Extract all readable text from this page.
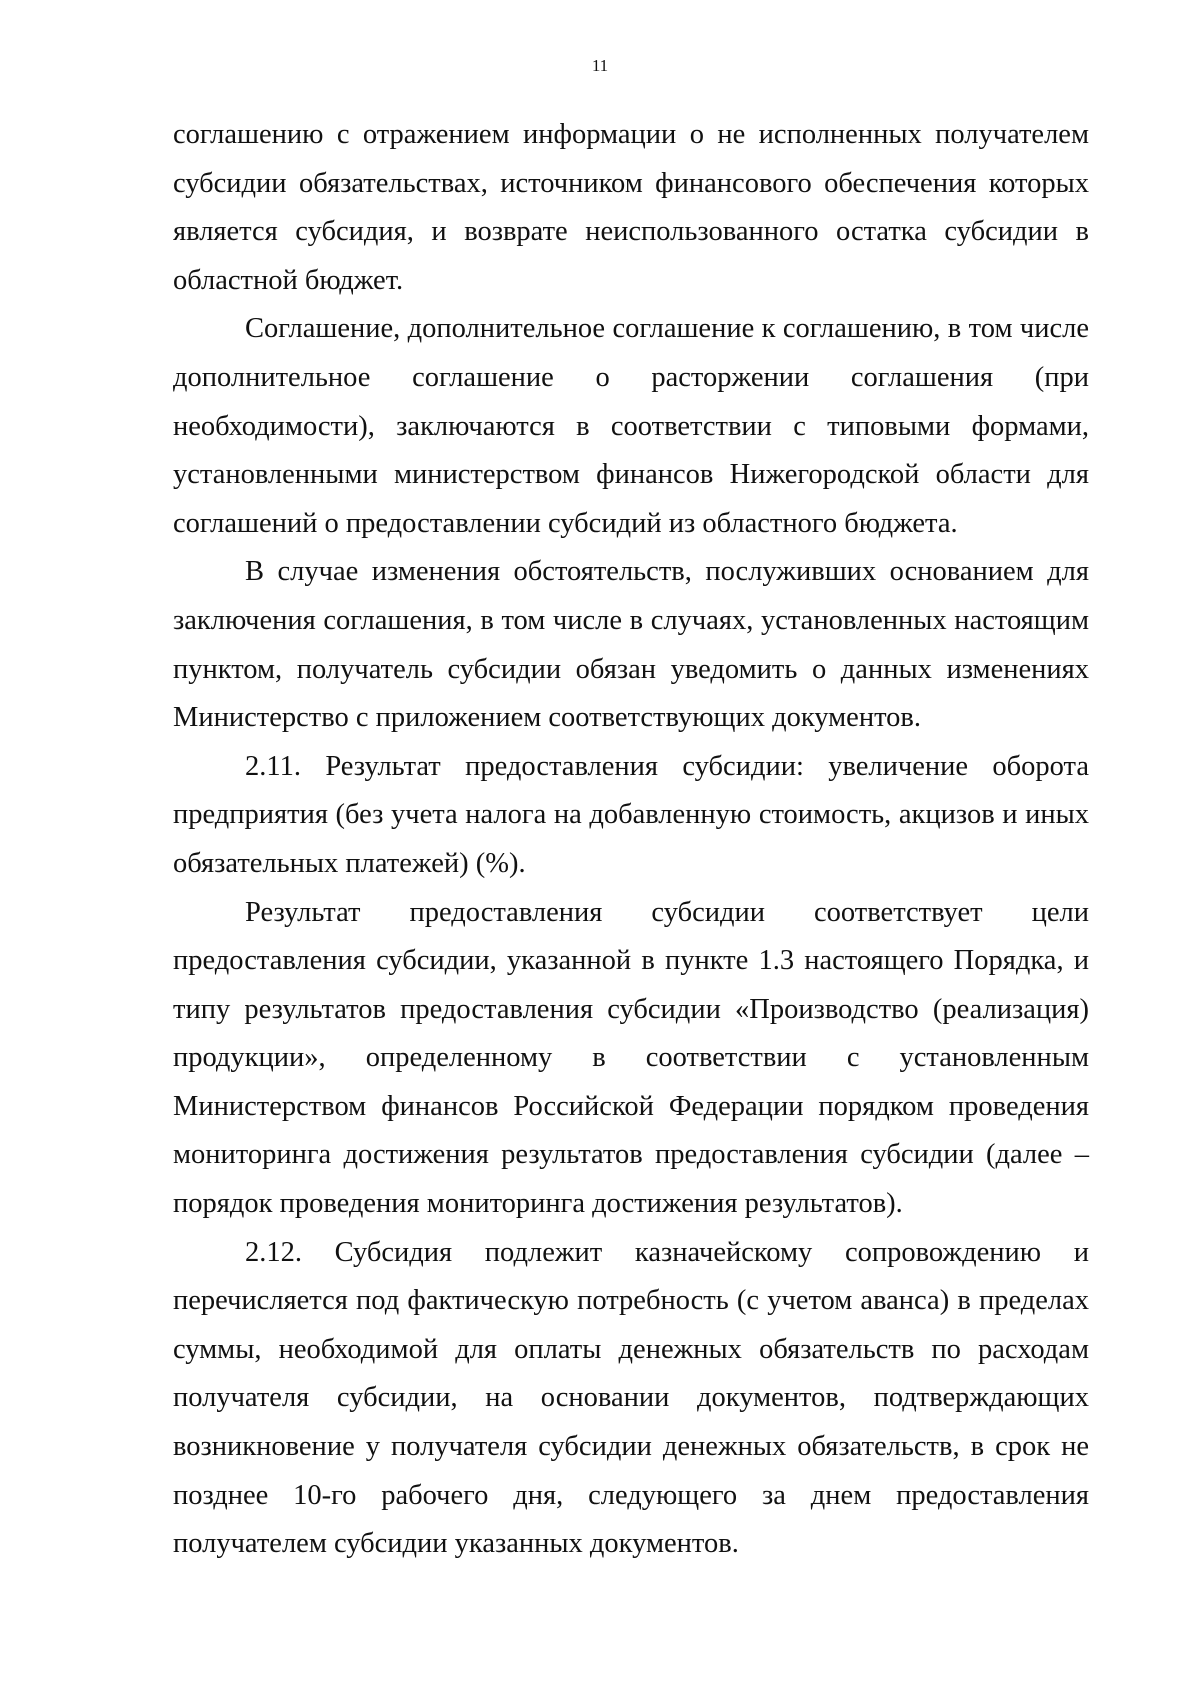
11

соглашению с отражением информации о не исполненных получателем субсидии обязательствах, источником финансового обеспечения которых является субсидия, и возврате неиспользованного остатка субсидии в областной бюджет.

Соглашение, дополнительное соглашение к соглашению, в том числе дополнительное соглашение о расторжении соглашения (при необходимости), заключаются в соответствии с типовыми формами, установленными министерством финансов Нижегородской области для соглашений о предоставлении субсидий из областного бюджета.

В случае изменения обстоятельств, послуживших основанием для заключения соглашения, в том числе в случаях, установленных настоящим пунктом, получатель субсидии обязан уведомить о данных изменениях Министерство с приложением соответствующих документов.

2.11. Результат предоставления субсидии: увеличение оборота предприятия (без учета налога на добавленную стоимость, акцизов и иных обязательных платежей) (%).

Результат предоставления субсидии соответствует цели предоставления субсидии, указанной в пункте 1.3 настоящего Порядка, и типу результатов предоставления субсидии «Производство (реализация) продукции», определенному в соответствии с установленным Министерством финансов Российской Федерации порядком проведения мониторинга достижения результатов предоставления субсидии (далее – порядок проведения мониторинга достижения результатов).

2.12. Субсидия подлежит казначейскому сопровождению и перечисляется под фактическую потребность (с учетом аванса) в пределах суммы, необходимой для оплаты денежных обязательств по расходам получателя субсидии, на основании документов, подтверждающих возникновение у получателя субсидии денежных обязательств, в срок не позднее 10-го рабочего дня, следующего за днем предоставления получателем субсидии указанных документов.
